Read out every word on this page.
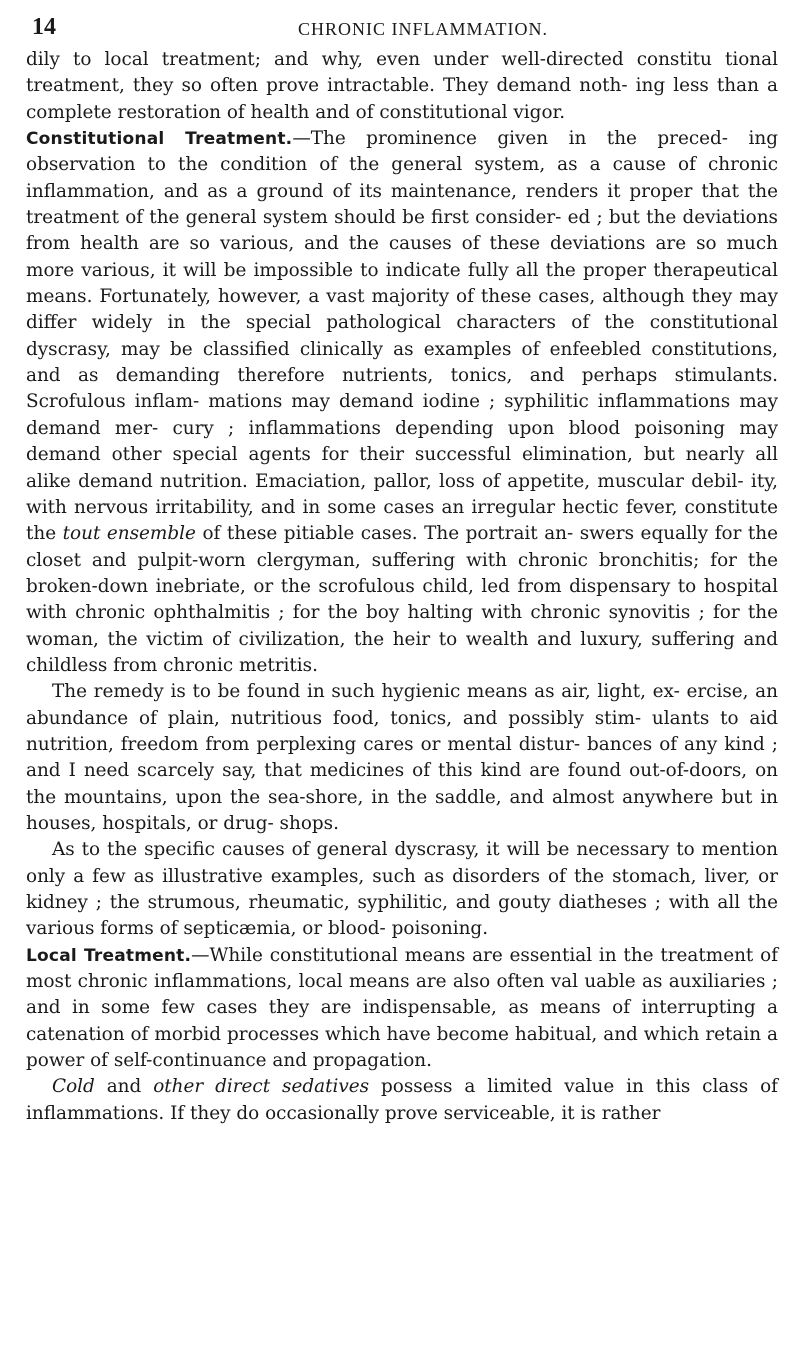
14	CHRONIC INFLAMMATION.

dily to local treatment; and why, even under well-directed constitu tional treatment, they so often prove intractable. They demand noth- ing less than a complete restoration of health and of constitutional vigor.

Constitutional Treatment.—The prominence given in the preced- ing observation to the condition of the general system, as a cause of chronic inflammation, and as a ground of its maintenance, renders it proper that the treatment of the general system should be first consider- ed ; but the deviations from health are so various, and the causes of these deviations are so much more various, it will be impossible to indicate fully all the proper therapeutical means. Fortunately, however, a vast majority of these cases, although they may differ widely in the special pathological characters of the constitutional dyscrasy, may be classified clinically as examples of enfeebled constitutions, and as demanding therefore nutrients, tonics, and perhaps stimulants. Scrofulous inflam- mations may demand iodine ; syphilitic inflammations may demand mer- cury ; inflammations depending upon blood poisoning may demand other special agents for their successful elimination, but nearly all alike demand nutrition. Emaciation, pallor, loss of appetite, muscular debil- ity, with nervous irritability, and in some cases an irregular hectic fever, constitute the tout ensemble of these pitiable cases. The portrait an- swers equally for the closet and pulpit-worn clergyman, suffering with chronic bronchitis; for the broken-down inebriate, or the scrofulous child, led from dispensary to hospital with chronic ophthalmitis ; for the boy halting with chronic synovitis ; for the woman, the victim of civilization, the heir to wealth and luxury, suffering and childless from chronic metritis.

The remedy is to be found in such hygienic means as air, light, ex- ercise, an abundance of plain, nutritious food, tonics, and possibly stim- ulants to aid nutrition, freedom from perplexing cares or mental distur- bances of any kind ; and I need scarcely say, that medicines of this kind are found out-of-doors, on the mountains, upon the sea-shore, in the saddle, and almost anywhere but in houses, hospitals, or drug- shops.

As to the specific causes of general dyscrasy, it will be necessary to mention only a few as illustrative examples, such as disorders of the stomach, liver, or kidney ; the strumous, rheumatic, syphilitic, and gouty diatheses ; with all the various forms of septicæmia, or blood- poisoning.

Local Treatment.—While constitutional means are essential in the treatment of most chronic inflammations, local means are also often val uable as auxiliaries ; and in some few cases they are indispensable, as means of interrupting a catenation of morbid processes which have become habitual, and which retain a power of self-continuance and propagation.

Cold and other direct sedatives possess a limited value in this class of inflammations. If they do occasionally prove serviceable, it is rather
